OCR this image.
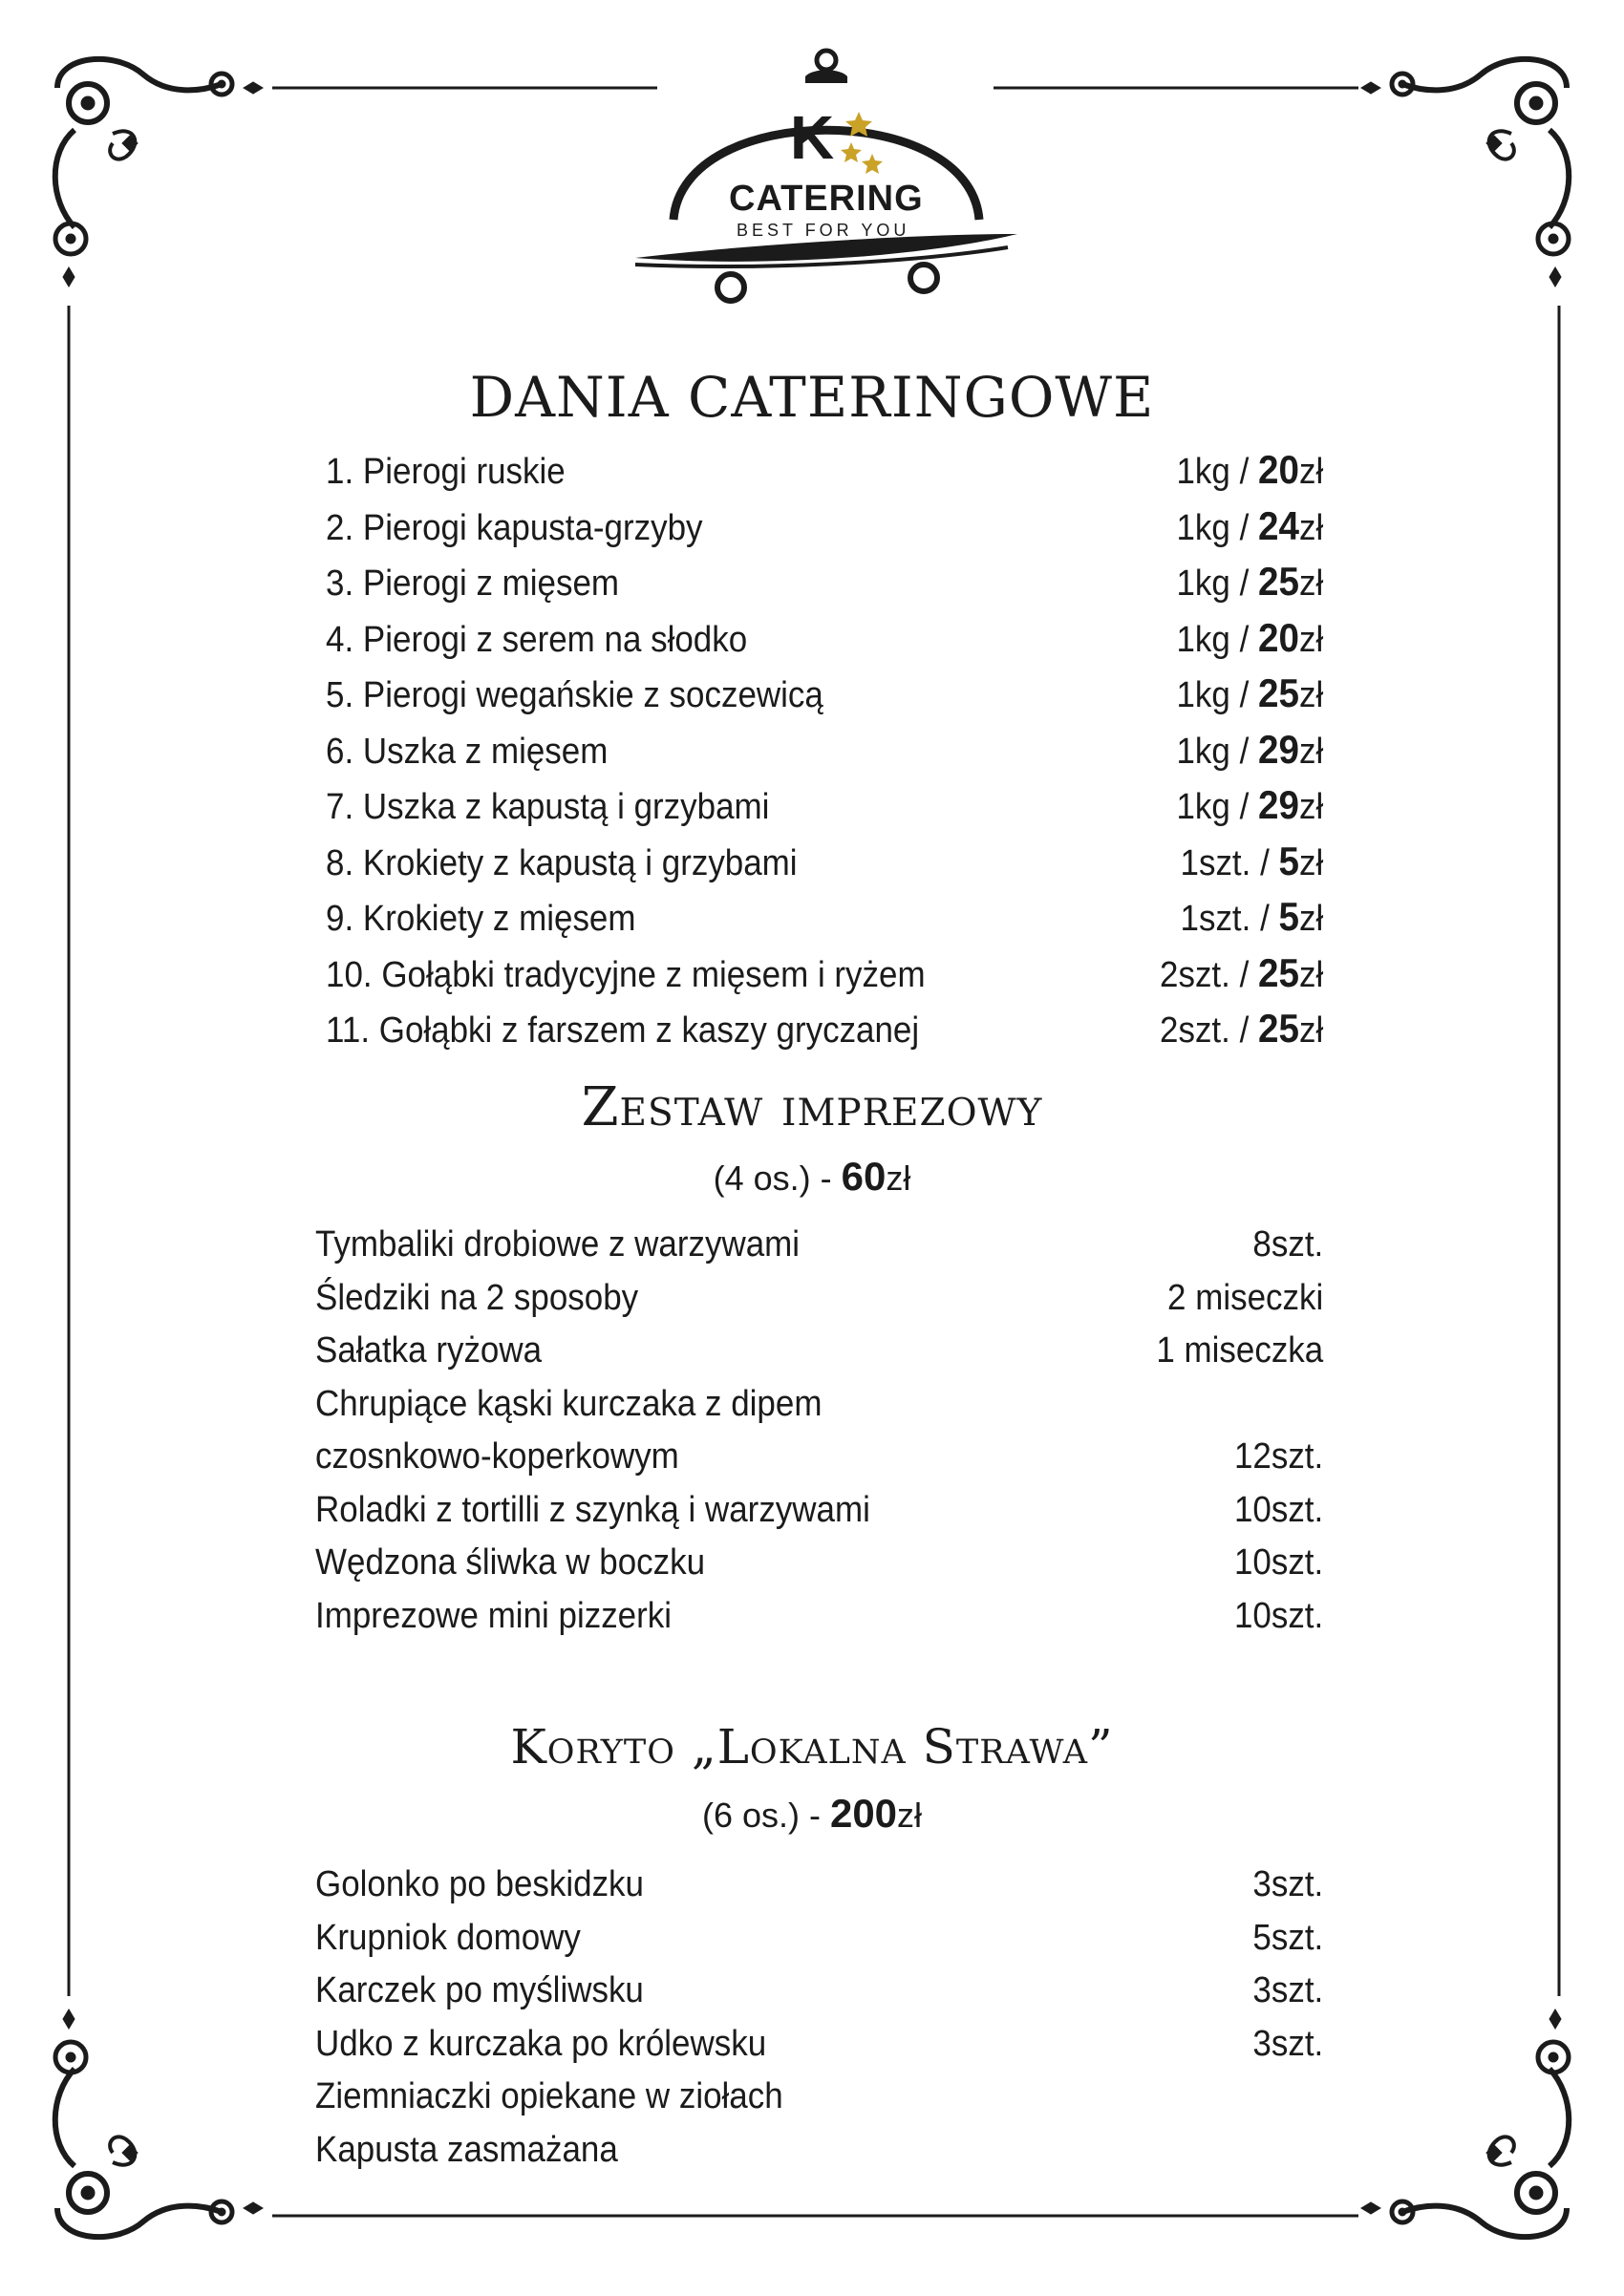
K
CATERING
BEST FOR YOU
DANIA CATERINGOWE
1. Pierogi ruskie	1kg / 20zł
2. Pierogi kapusta-grzyby	1kg / 24zł
3. Pierogi z mięsem	1kg / 25zł
4. Pierogi z serem na słodko	1kg / 20zł
5. Pierogi wegańskie z soczewicą	1kg / 25zł
6. Uszka z mięsem	1kg / 29zł
7. Uszka z kapustą i grzybami	1kg / 29zł
8. Krokiety z kapustą i grzybami	1szt. / 5zł
9. Krokiety z mięsem	1szt. / 5zł
10. Gołąbki tradycyjne z mięsem i ryżem	2szt. / 25zł
11. Gołąbki z farszem z kaszy gryczanej	2szt. / 25zł
Zestaw imprezowy
(4 os.) - 60zł
Tymbaliki drobiowe z warzywami	8szt.
Śledziki na 2 sposoby	2 miseczki
Sałatka ryżowa	1 miseczka
Chrupiące kąski kurczaka z dipem
czosnkowo-koperkowym	12szt.
Roladki z tortilli z szynką i warzywami	10szt.
Wędzona śliwka w boczku	10szt.
Imprezowe mini pizzerki	10szt.
Koryto „Lokalna Strawa”
(6 os.) - 200zł
Golonko po beskidzku	3szt.
Krupniok domowy	5szt.
Karczek po myśliwsku	3szt.
Udko z kurczaka po królewsku	3szt.
Ziemniaczki opiekane w ziołach
Kapusta zasmażana
